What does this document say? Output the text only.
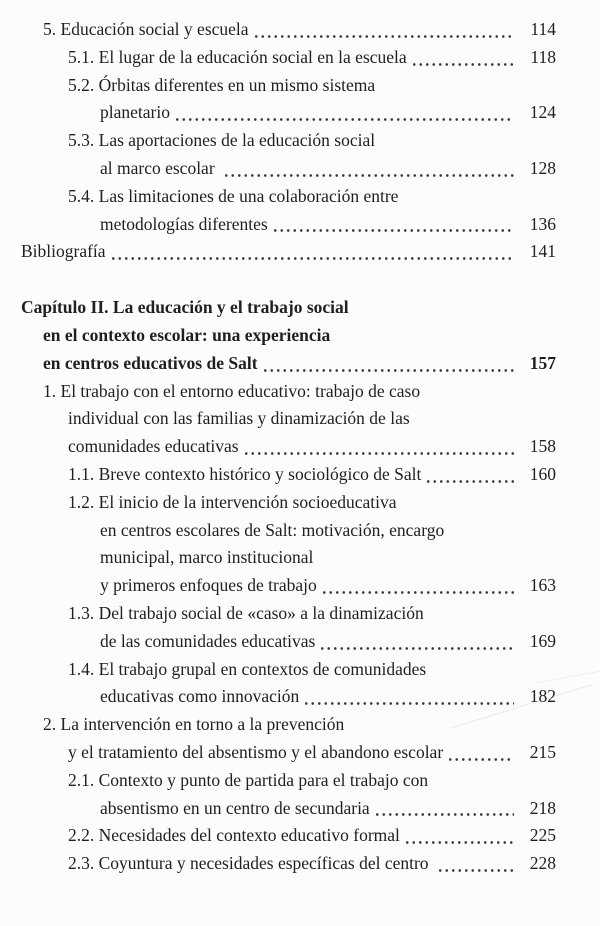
5. Educación social y escuela	114
5.1. El lugar de la educación social en la escuela	118
5.2. Órbitas diferentes en un mismo sistema
planetario	124
5.3. Las aportaciones de la educación social
al marco escolar	128
5.4. Las limitaciones de una colaboración entre
metodologías diferentes	136
Bibliografía	141
Capítulo II. La educación y el trabajo social
en el contexto escolar: una experiencia
en centros educativos de Salt	157
1. El trabajo con el entorno educativo: trabajo de caso
individual con las familias y dinamización de las
comunidades educativas	158
1.1. Breve contexto histórico y sociológico de Salt	160
1.2. El inicio de la intervención socioeducativa
en centros escolares de Salt: motivación, encargo
municipal, marco institucional
y primeros enfoques de trabajo	163
1.3. Del trabajo social de «caso» a la dinamización
de las comunidades educativas	169
1.4. El trabajo grupal en contextos de comunidades
educativas como innovación	182
2. La intervención en torno a la prevención
y el tratamiento del absentismo y el abandono escolar	215
2.1. Contexto y punto de partida para el trabajo con
absentismo en un centro de secundaria	218
2.2. Necesidades del contexto educativo formal	225
2.3. Coyuntura y necesidades específicas del centro	228
